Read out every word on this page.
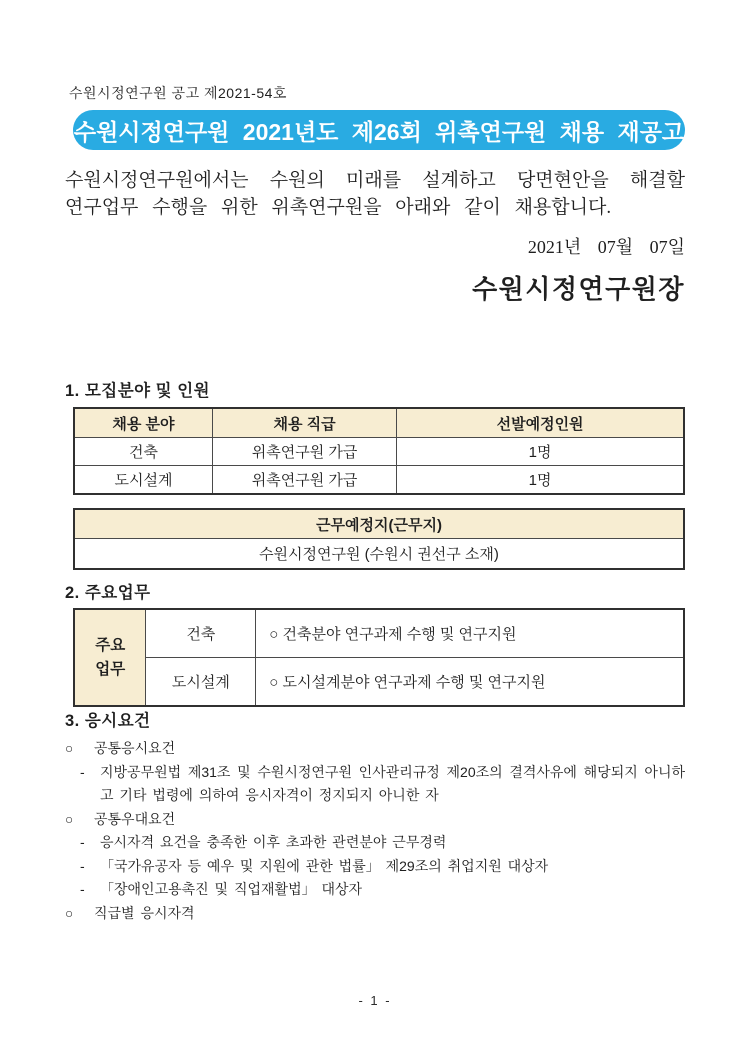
수원시정연구원 공고 제2021-54호
수원시정연구원 2021년도 제26회 위촉연구원 채용 재공고
수원시정연구원에서는 수원의 미래를 설계하고 당면현안을 해결할
연구업무 수행을 위한 위촉연구원을 아래와 같이 채용합니다.
2021년 07월 07일
수원시정연구원장
1. 모집분야 및 인원
채용 분야	채용 직급	선발예정인원
건축	위촉연구원 가급	1명
도시설계	위촉연구원 가급	1명
근무예정지(근무지)
수원시정연구원 (수원시 권선구 소재)
2. 주요업무
주요업무	건축	○ 건축분야 연구과제 수행 및 연구지원
	도시설계	○ 도시설계분야 연구과제 수행 및 연구지원
3. 응시요건
○	공통응시요건
-	지방공무원법 제31조 및 수원시정연구원 인사관리규정 제20조의 결격사유에 해당되지 아니하고 기타 법령에 의하여 응시자격이 정지되지 아니한 자
○	공통우대요건
-	응시자격 요건을 충족한 이후 초과한 관련분야 근무경력
-	「국가유공자 등 예우 및 지원에 관한 법률」 제29조의 취업지원 대상자
-	「장애인고용촉진 및 직업재활법」 대상자
○	직급별 응시자격
- 1 -
